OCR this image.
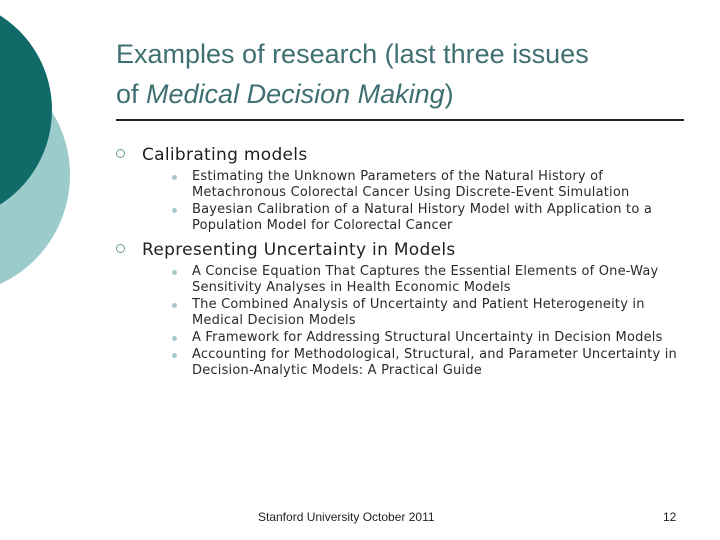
Examples of research (last three issues
of Medical Decision Making)
Calibrating models
Estimating the Unknown Parameters of the Natural History of Metachronous Colorectal Cancer Using Discrete-Event Simulation
Bayesian Calibration of a Natural History Model with Application to a Population Model for Colorectal Cancer
Representing Uncertainty in Models
A Concise Equation That Captures the Essential Elements of One-Way Sensitivity Analyses in Health Economic Models
The Combined Analysis of Uncertainty and Patient Heterogeneity in Medical Decision Models
A Framework for Addressing Structural Uncertainty in Decision Models
Accounting for Methodological, Structural, and Parameter Uncertainty in Decision-Analytic Models: A Practical Guide
Stanford University October 2011	12
